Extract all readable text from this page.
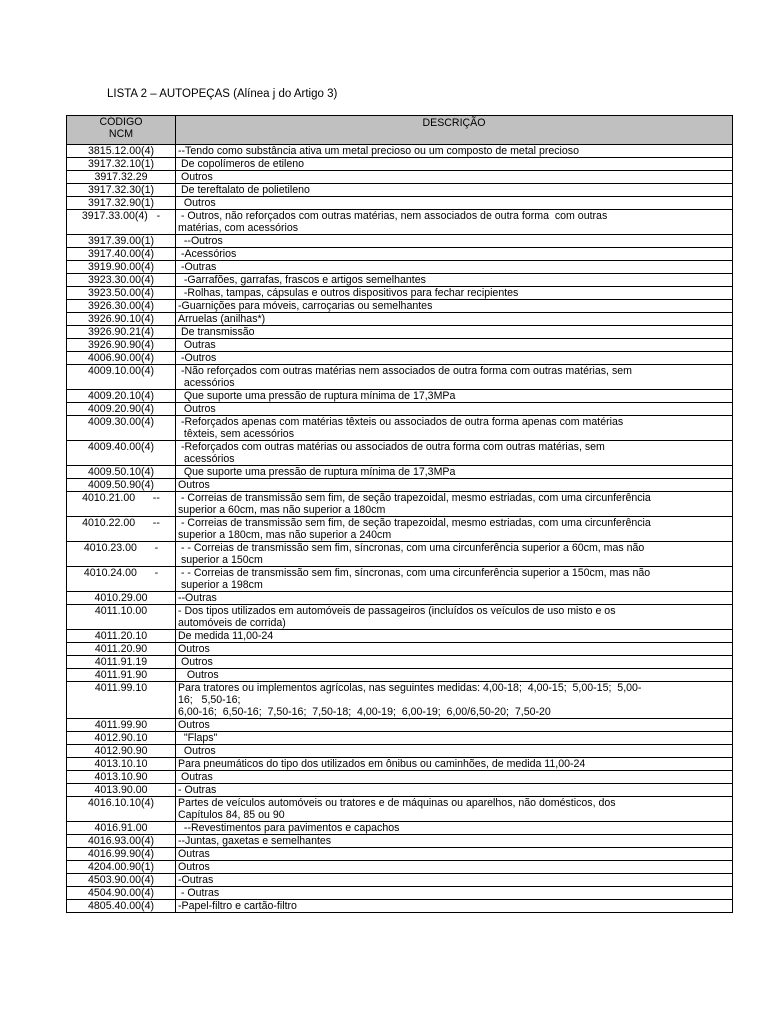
LISTA 2 – AUTOPEÇAS (Alínea j do Artigo 3)
CÓDIGO
NCM	DESCRIÇÃO
3815.12.00(4)	--Tendo como substância ativa um metal precioso ou um composto de metal precioso
3917.32.10(1)	De copolímeros de etileno
3917.32.29	Outros
3917.32.30(1)	De tereftalato de polietileno
3917.32.90(1)	Outros
3917.33.00(4)   -	- Outros, não reforçados com outras matérias, nem associados de outra forma  com outras
matérias, com acessórios
3917.39.00(1)	--Outros
3917.40.00(4)	-Acessórios
3919.90.00(4)	-Outras
3923.30.00(4)	-Garrafões, garrafas, frascos e artigos semelhantes
3923.50.00(4)	-Rolhas, tampas, cápsulas e outros dispositivos para fechar recipientes
3926.30.00(4)	-Guarnições para móveis, carroçarias ou semelhantes
3926.90.10(4)	Arruelas (anilhas*)
3926.90.21(4)	De transmissão
3926.90.90(4)	Outras
4006.90.00(4)	-Outros
4009.10.00(4)	-Não reforçados com outras matérias nem associados de outra forma com outras matérias, sem
acessórios
4009.20.10(4)	Que suporte uma pressão de ruptura mínima de 17,3MPa
4009.20.90(4)	Outros
4009.30.00(4)	-Reforçados apenas com matérias têxteis ou associados de outra forma apenas com matérias
têxteis, sem acessórios
4009.40.00(4)	-Reforçados com outras matérias ou associados de outra forma com outras matérias, sem
acessórios
4009.50.10(4)	Que suporte uma pressão de ruptura mínima de 17,3MPa
4009.50.90(4)	Outros
4010.21.00      --	- Correias de transmissão sem fim, de seção trapezoidal, mesmo estriadas, com uma circunferência
superior a 60cm, mas não superior a 180cm
4010.22.00      --	- Correias de transmissão sem fim, de seção trapezoidal, mesmo estriadas, com uma circunferência
superior a 180cm, mas não superior a 240cm
4010.23.00      -	- - Correias de transmissão sem fim, síncronas, com uma circunferência superior a 60cm, mas não
superior a 150cm
4010.24.00      -	- - Correias de transmissão sem fim, síncronas, com uma circunferência superior a 150cm, mas não
superior a 198cm
4010.29.00	--Outras
4011.10.00	- Dos tipos utilizados em automóveis de passageiros (incluídos os veículos de uso misto e os
automóveis de corrida)
4011.20.10	De medida 11,00-24
4011.20.90	Outros
4011.91.19	Outros
4011.91.90	Outros
4011.99.10	Para tratores ou implementos agrícolas, nas seguintes medidas: 4,00-18;  4,00-15;  5,00-15;  5,00-
16;   5,50-16;
6,00-16;  6,50-16;  7,50-16;  7,50-18;  4,00-19;  6,00-19;  6,00/6,50-20;  7,50-20
4011.99.90	Outros
4012.90.10	"Flaps"
4012.90.90	Outros
4013.10.10	Para pneumáticos do tipo dos utilizados em ônibus ou caminhões, de medida 11,00-24
4013.10.90	Outras
4013.90.00	- Outras
4016.10.10(4)	Partes de veículos automóveis ou tratores e de máquinas ou aparelhos, não domésticos, dos
Capítulos 84, 85 ou 90
4016.91.00	--Revestimentos para pavimentos e capachos
4016.93.00(4)	--Juntas, gaxetas e semelhantes
4016.99.90(4)	Outras
4204.00.90(1)	Outros
4503.90.00(4)	-Outras
4504.90.00(4)	- Outras
4805.40.00(4)	-Papel-filtro e cartão-filtro
